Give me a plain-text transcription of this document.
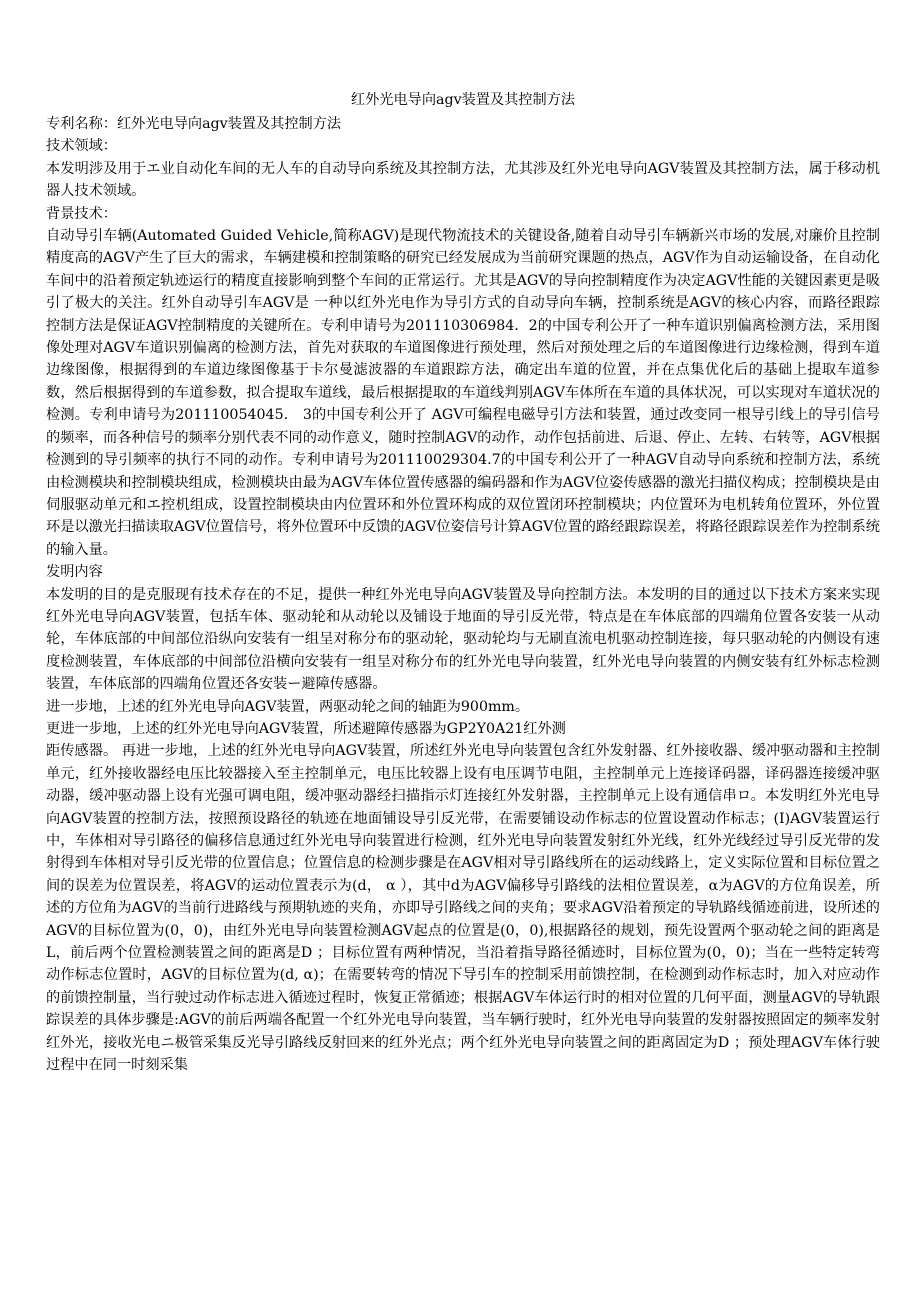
红外光电导向agv装置及其控制方法

专利名称：红外光电导向agv装置及其控制方法

技术领域：

本发明涉及用于エ业自动化车间的无人车的自动导向系统及其控制方法，尤其涉及红外光电导向AGV装置及其控制方法，属于移动机器人技术领域。

背景技术：

自动导引车辆(Automated Guided Vehicle,简称AGV)是现代物流技术的关键设备,随着自动导引车辆新兴市场的发展,对廉价且控制精度高的AGV产生了巨大的需求，车辆建模和控制策略的研究已经发展成为当前研究课题的热点，AGV作为自动运输设备，在自动化车间中的沿着预定轨迹运行的精度直接影响到整个车间的正常运行。尤其是AGV的导向控制精度作为决定AGV性能的关键因素更是吸引了极大的关注。红外自动导引车AGV是 一种以红外光电作为导引方式的自动导向车辆，控制系统是AGV的核心内容，而路径跟踪控制方法是保证AGV控制精度的关键所在。专利申请号为201110306984．2的中国专利公开了一种车道识别偏离检测方法，采用图像处理对AGV车道识别偏离的检测方法，首先对获取的车道图像进行预处理，然后对预处理之后的车道图像进行边缘检测，得到车道边缘图像，根据得到的车道边缘图像基于卡尔曼滤波器的车道跟踪方法，确定出车道的位置，并在点集优化后的基础上提取车道参数，然后根据得到的车道参数，拟合提取车道线，最后根据提取的车道线判别AGV车体所在车道的具体状况，可以实现对车道状况的检测。专利申请号为201110054045． 3的中国专利公开了 AGV可编程电磁导引方法和装置，通过改变同一根导引线上的导引信号的频率，而各种信号的频率分别代表不同的动作意义，随时控制AGV的动作，动作包括前进、后退、停止、左转、右转等，AGV根据检测到的导引频率的执行不同的动作。专利申请号为201110029304.7的中国专利公开了一种AGV自动导向系统和控制方法，系统由检测模块和控制模块组成，检测模块由最为AGV车体位置传感器的编码器和作为AGV位姿传感器的激光扫描仪构成；控制模块是由伺服驱动单元和エ控机组成，设置控制模块由内位置环和外位置环构成的双位置闭环控制模块；内位置环为电机转角位置环，外位置环是以激光扫描读取AGV位置信号，将外位置环中反馈的AGV位姿信号计算AGV位置的路经跟踪误差，将路径跟踪误差作为控制系统的输入量。

发明内容

本发明的目的是克服现有技术存在的不足，提供一种红外光电导向AGV装置及导向控制方法。本发明的目的通过以下技术方案来实现红外光电导向AGV装置，包括车体、驱动轮和从动轮以及铺设于地面的导引反光带，特点是在车体底部的四端角位置各安装一从动轮，车体底部的中间部位沿纵向安装有一组呈对称分布的驱动轮，驱动轮均与无刷直流电机驱动控制连接，每只驱动轮的内侧设有速度检测装置，车体底部的中间部位沿横向安装有一组呈对称分布的红外光电导向装置，红外光电导向装置的内侧安装有红外标志检测装置，车体底部的四端角位置还各安装ー避障传感器。

进一步地，上述的红外光电导向AGV装置，两驱动轮之间的轴距为900mm。

更进一步地，上述的红外光电导向AGV装置，所述避障传感器为GP2Y0A21红外测

距传感器。 再进一步地，上述的红外光电导向AGV装置，所述红外光电导向装置包含红外发射器、红外接收器、缓冲驱动器和主控制单元，红外接收器经电压比较器接入至主控制单元，电压比较器上设有电压调节电阻，主控制单元上连接译码器，译码器连接缓冲驱动器，缓冲驱动器上设有光强可调电阻，缓冲驱动器经扫描指示灯连接红外发射器，主控制单元上设有通信串ロ。本发明红外光电导向AGV装置的控制方法，按照预设路径的轨迹在地面铺设导引反光带，在需要铺设动作标志的位置设置动作标志；(I)AGV装置运行中，车体相对导引路径的偏移信息通过红外光电导向装置进行检测，红外光电导向装置发射红外光线，红外光线经过导引反光带的发射得到车体相对导引反光带的位置信息；位置信息的检测步骤是在AGV相对导引路线所在的运动线路上，定义实际位置和目标位置之间的误差为位置误差，将AGV的运动位置表示为(d， α ），其中d为AGV偏移导引路线的法相位置误差，α为AGV的方位角误差，所述的方位角为AGV的当前行进路线与预期轨迹的夹角，亦即导引路线之间的夹角；要求AGV沿着预定的导轨路线循迹前进，设所述的AGV的目标位置为(0，0)，由红外光电导向装置检测AGV起点的位置是(0，0),根据路径的规划，预先设置两个驱动轮之间的距离是L，前后两个位置检测装置之间的距离是D ；目标位置有两种情况，当沿着指导路径循迹时，目标位置为(0，0)；当在一些特定转弯动作标志位置时，AGV的目标位置为(d, α)；在需要转弯的情况下导引车的控制采用前馈控制，在检测到动作标志时，加入对应动作的前馈控制量，当行驶过动作标志进入循迹过程时，恢复正常循迹；根据AGV车体运行时的相对位置的几何平面，测量AGV的导轨跟踪误差的具体步骤是:AGV的前后两端各配置一个红外光电导向装置，当车辆行驶时，红外光电导向装置的发射器按照固定的频率发射红外光，接收光电ニ极管采集反光导引路线反射回来的红外光点；两个红外光电导向装置之间的距离固定为D ；预处理AGV车体行驶过程中在同一时刻采集
